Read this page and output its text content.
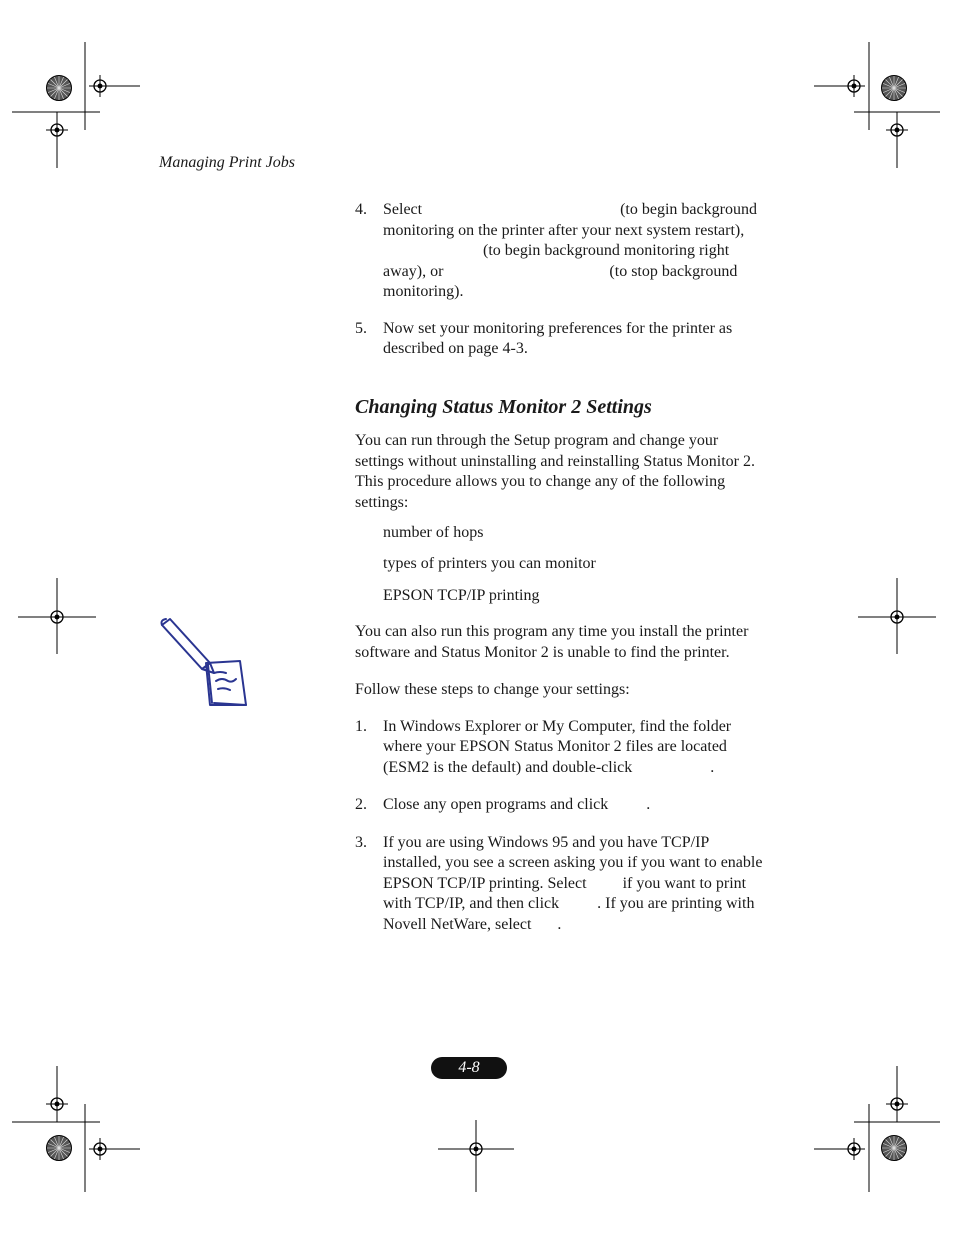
Managing Print Jobs
4. Select	(to begin background
monitoring on the printer after your next system restart),
(to begin background monitoring right
away), or	(to stop background
monitoring).
5. Now set your monitoring preferences for the printer as
described on page 4-3.
Changing Status Monitor 2 Settings
You can run through the Setup program and change your
settings without uninstalling and reinstalling Status Monitor 2.
This procedure allows you to change any of the following
settings:
number of hops
types of printers you can monitor
EPSON TCP/IP printing
You can also run this program any time you install the printer
software and Status Monitor 2 is unable to find the printer.
Follow these steps to change your settings:
1. In Windows Explorer or My Computer, find the folder
where your EPSON Status Monitor 2 files are located
(ESM2 is the default) and double-click	.
2. Close any open programs and click .
3. If you are using Windows 95 and you have TCP/IP
installed, you see a screen asking you if you want to enable
EPSON TCP/IP printing. Select if you want to print
with TCP/IP, and then click . If you are printing with
Novell NetWare, select .
4-8
